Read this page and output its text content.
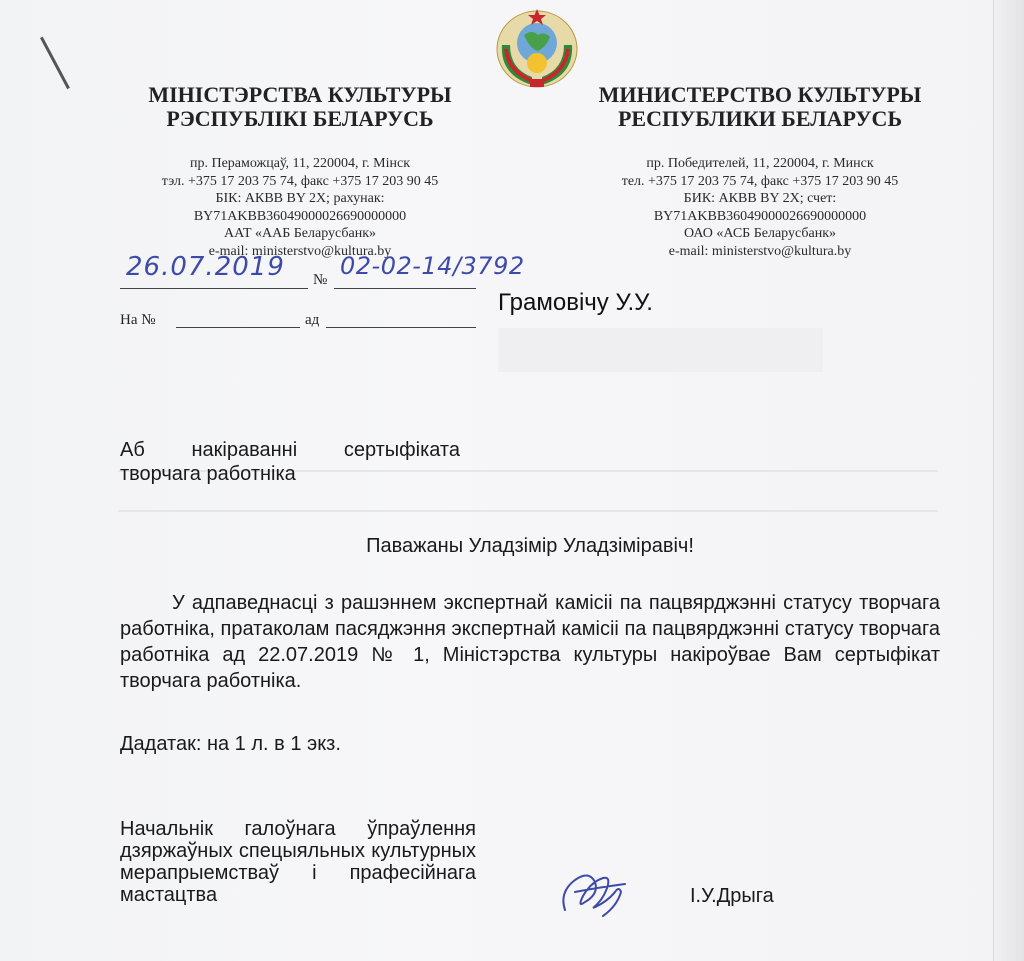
МІНІСТЭРСТВА КУЛЬТУРЫ
РЭСПУБЛІКІ БЕЛАРУСЬ
пр. Пераможцаў, 11, 220004, г. Мінск
тэл. +375 17 203 75 74, факс +375 17 203 90 45
БІК: АКВВ BY 2X; рахунак:
BY71AKBB36049000026690000000
ААТ «ААБ Беларусбанк»
e-mail: ministerstvo@kultura.by
МИНИСТЕРСТВО КУЛЬТУРЫ
РЕСПУБЛИКИ БЕЛАРУСЬ
пр. Победителей, 11, 220004, г. Минск
тел. +375 17 203 75 74, факс +375 17 203 90 45
БИК: АКВВ BY 2X; счет:
BY71AKBB36049000026690000000
ОАО «АСБ Беларусбанк»
e-mail: ministerstvo@kultura.by
26.07.2019 № 02-02-14/3792
На №	ад
Грамовічу У.У.
Аб накіраванні сертыфіката творчага работніка
Паважаны Уладзімір Уладзіміравіч!
У адпаведнасці з рашэннем экспертнай камісіі па пацвярджэнні статусу творчага работніка, пратаколам пасяджэння экспертнай камісіі па пацвярджэнні статусу творчага работніка ад 22.07.2019 № 1, Міністэрства культуры накіроўвае Вам сертыфікат творчага работніка.
Дадатак: на 1 л. в 1 экз.
Начальнік галоўнага ўпраўлення дзяржаўных спецыяльных культурных мерапрыемстваў і прафесійнага мастацтва	І.У.Дрыга
